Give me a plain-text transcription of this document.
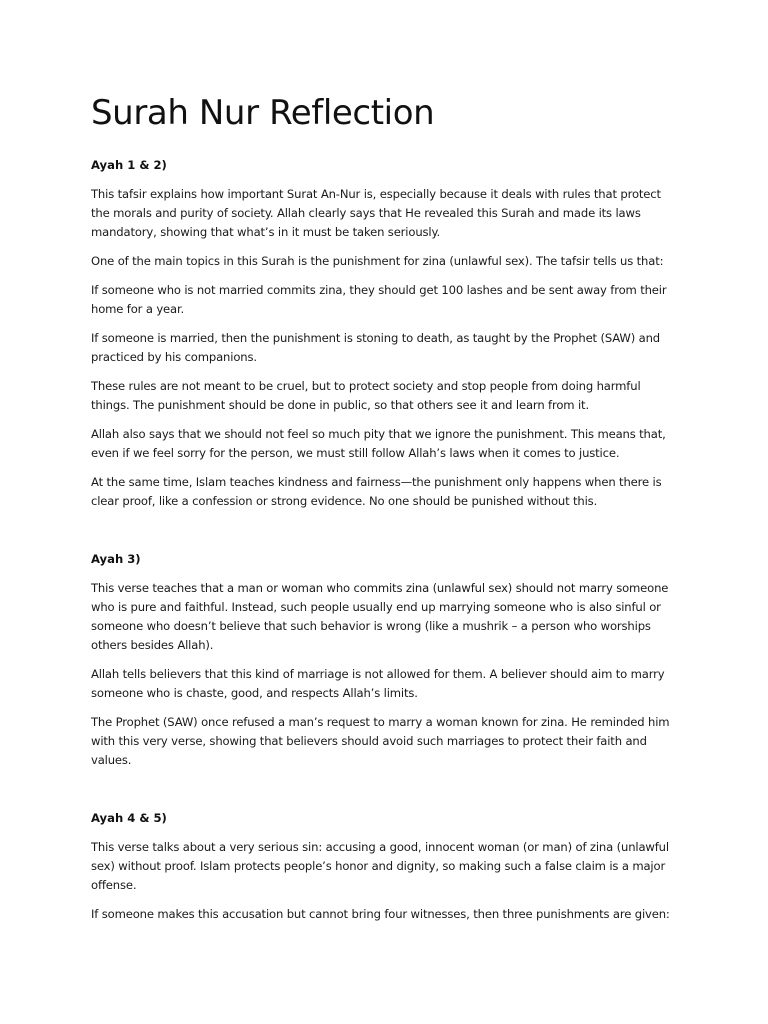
Surah Nur Reflection
Ayah 1 & 2)

This tafsir explains how important Surat An-Nur is, especially because it deals with rules that protect the morals and purity of society. Allah clearly says that He revealed this Surah and made its laws mandatory, showing that what’s in it must be taken seriously.

One of the main topics in this Surah is the punishment for zina (unlawful sex). The tafsir tells us that:

If someone who is not married commits zina, they should get 100 lashes and be sent away from their home for a year.

If someone is married, then the punishment is stoning to death, as taught by the Prophet (SAW) and practiced by his companions.

These rules are not meant to be cruel, but to protect society and stop people from doing harmful things. The punishment should be done in public, so that others see it and learn from it.

Allah also says that we should not feel so much pity that we ignore the punishment. This means that, even if we feel sorry for the person, we must still follow Allah’s laws when it comes to justice.

At the same time, Islam teaches kindness and fairness—the punishment only happens when there is clear proof, like a confession or strong evidence. No one should be punished without this.

Ayah 3)

This verse teaches that a man or woman who commits zina (unlawful sex) should not marry someone who is pure and faithful. Instead, such people usually end up marrying someone who is also sinful or someone who doesn’t believe that such behavior is wrong (like a mushrik – a person who worships others besides Allah).

Allah tells believers that this kind of marriage is not allowed for them. A believer should aim to marry someone who is chaste, good, and respects Allah’s limits.

The Prophet (SAW) once refused a man’s request to marry a woman known for zina. He reminded him with this very verse, showing that believers should avoid such marriages to protect their faith and values.

Ayah 4 & 5)

This verse talks about a very serious sin: accusing a good, innocent woman (or man) of zina (unlawful sex) without proof. Islam protects people’s honor and dignity, so making such a false claim is a major offense.

If someone makes this accusation but cannot bring four witnesses, then three punishments are given:
